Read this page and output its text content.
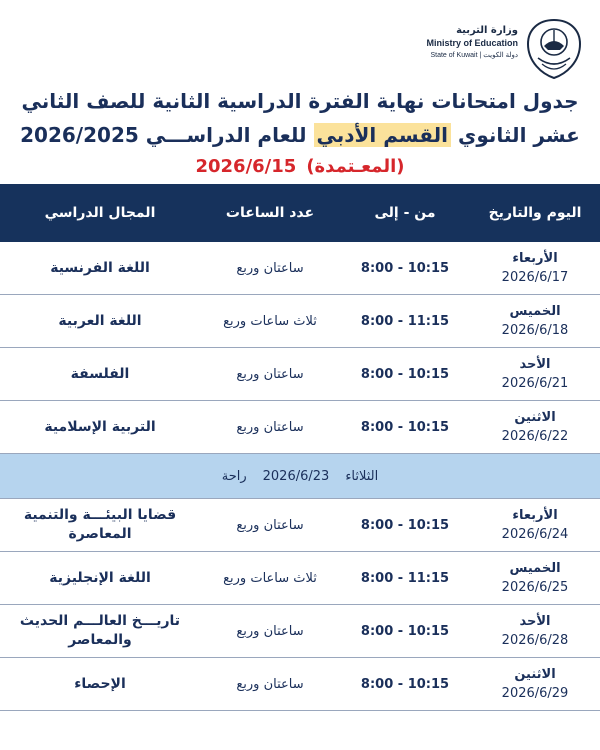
وزارة التربية
Ministry of Education
State of Kuwait | دولة الكويت
جدول امتحانات نهاية الفترة الدراسية الثانية للصف الثاني
عشر الثانوي القسم الأدبي للعام الدراســـي 2026/2025
(المعـتمدة)2026/6/15
اليوم والتاريخ
من - إلى
عدد الساعات
المجال الدراسي
الأربعاء
2026/6/17
8:00 - 10:15
ساعتان وربع
اللغة الفرنسية
الخميس
2026/6/18
8:00 - 11:15
ثلاث ساعات وربع
اللغة العربية
الأحد
2026/6/21
8:00 - 10:15
ساعتان وربع
الفلسفة
الاثنين
2026/6/22
8:00 - 10:15
ساعتان وربع
التربية الإسلامية
الثلاثاء
2026/6/23
راحة
الأربعاء
2026/6/24
8:00 - 10:15
ساعتان وربع
قضايا البيئـــة والتنمية المعاصرة
الخميس
2026/6/25
8:00 - 11:15
ثلاث ساعات وربع
اللغة الإنجليزية
الأحد
2026/6/28
8:00 - 10:15
ساعتان وربع
تاريـــخ العالـــم الحديث والمعاصر
الاثنين
2026/6/29
8:00 - 10:15
ساعتان وربع
الإحصاء
